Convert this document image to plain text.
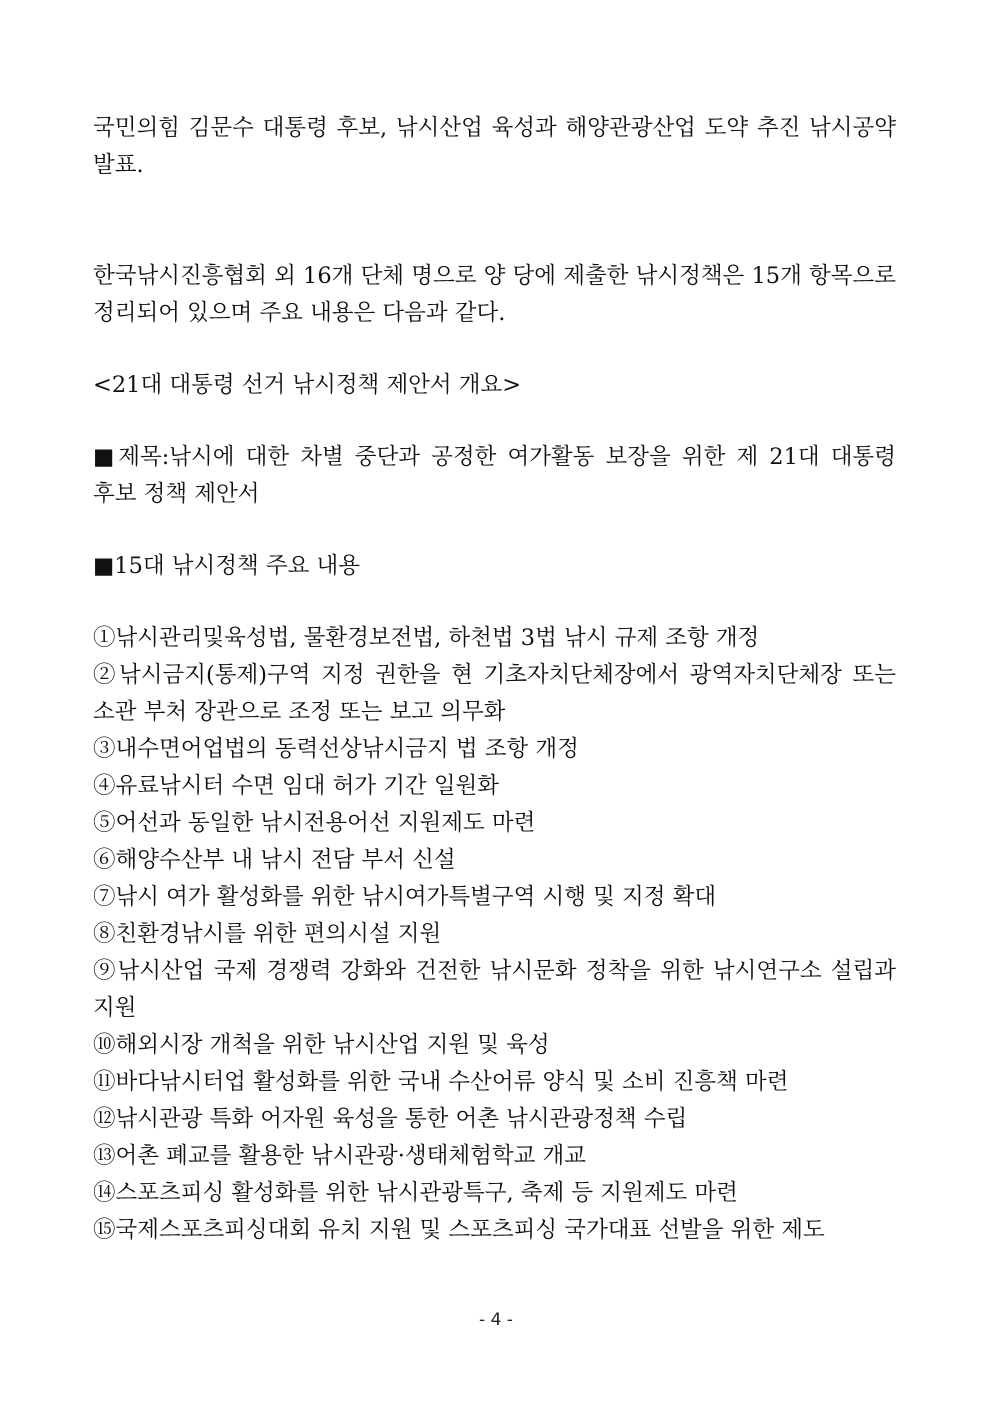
국민의힘 김문수 대통령 후보, 낚시산업 육성과 해양관광산업 도약 추진 낚시공약 발표.

한국낚시진흥협회 외 16개 단체 명으로 양 당에 제출한 낚시정책은 15개 항목으로 정리되어 있으며 주요 내용은 다음과 같다.

<21대 대통령 선거 낚시정책 제안서 개요>

■제목:낚시에 대한 차별 중단과 공정한 여가활동 보장을 위한 제 21대 대통령 후보 정책 제안서

■15대 낚시정책 주요 내용

①낚시관리및육성법, 물환경보전법, 하천법 3법 낚시 규제 조항 개정
②낚시금지(통제)구역 지정 권한을 현 기초자치단체장에서 광역자치단체장 또는 소관 부처 장관으로 조정 또는 보고 의무화
③내수면어업법의 동력선상낚시금지 법 조항 개정
④유료낚시터 수면 임대 허가 기간 일원화
⑤어선과 동일한 낚시전용어선 지원제도 마련
⑥해양수산부 내 낚시 전담 부서 신설
⑦낚시 여가 활성화를 위한 낚시여가특별구역 시행 및 지정 확대
⑧친환경낚시를 위한 편의시설 지원
⑨낚시산업 국제 경쟁력 강화와 건전한 낚시문화 정착을 위한 낚시연구소 설립과 지원
⑩해외시장 개척을 위한 낚시산업 지원 및 육성
⑪바다낚시터업 활성화를 위한 국내 수산어류 양식 및 소비 진흥책 마련
⑫낚시관광 특화 어자원 육성을 통한 어촌 낚시관광정책 수립
⑬어촌 폐교를 활용한 낚시관광·생태체험학교 개교
⑭스포츠피싱 활성화를 위한 낚시관광특구, 축제 등 지원제도 마련
⑮국제스포츠피싱대회 유치 지원 및 스포츠피싱 국가대표 선발을 위한 제도
- 4 -
